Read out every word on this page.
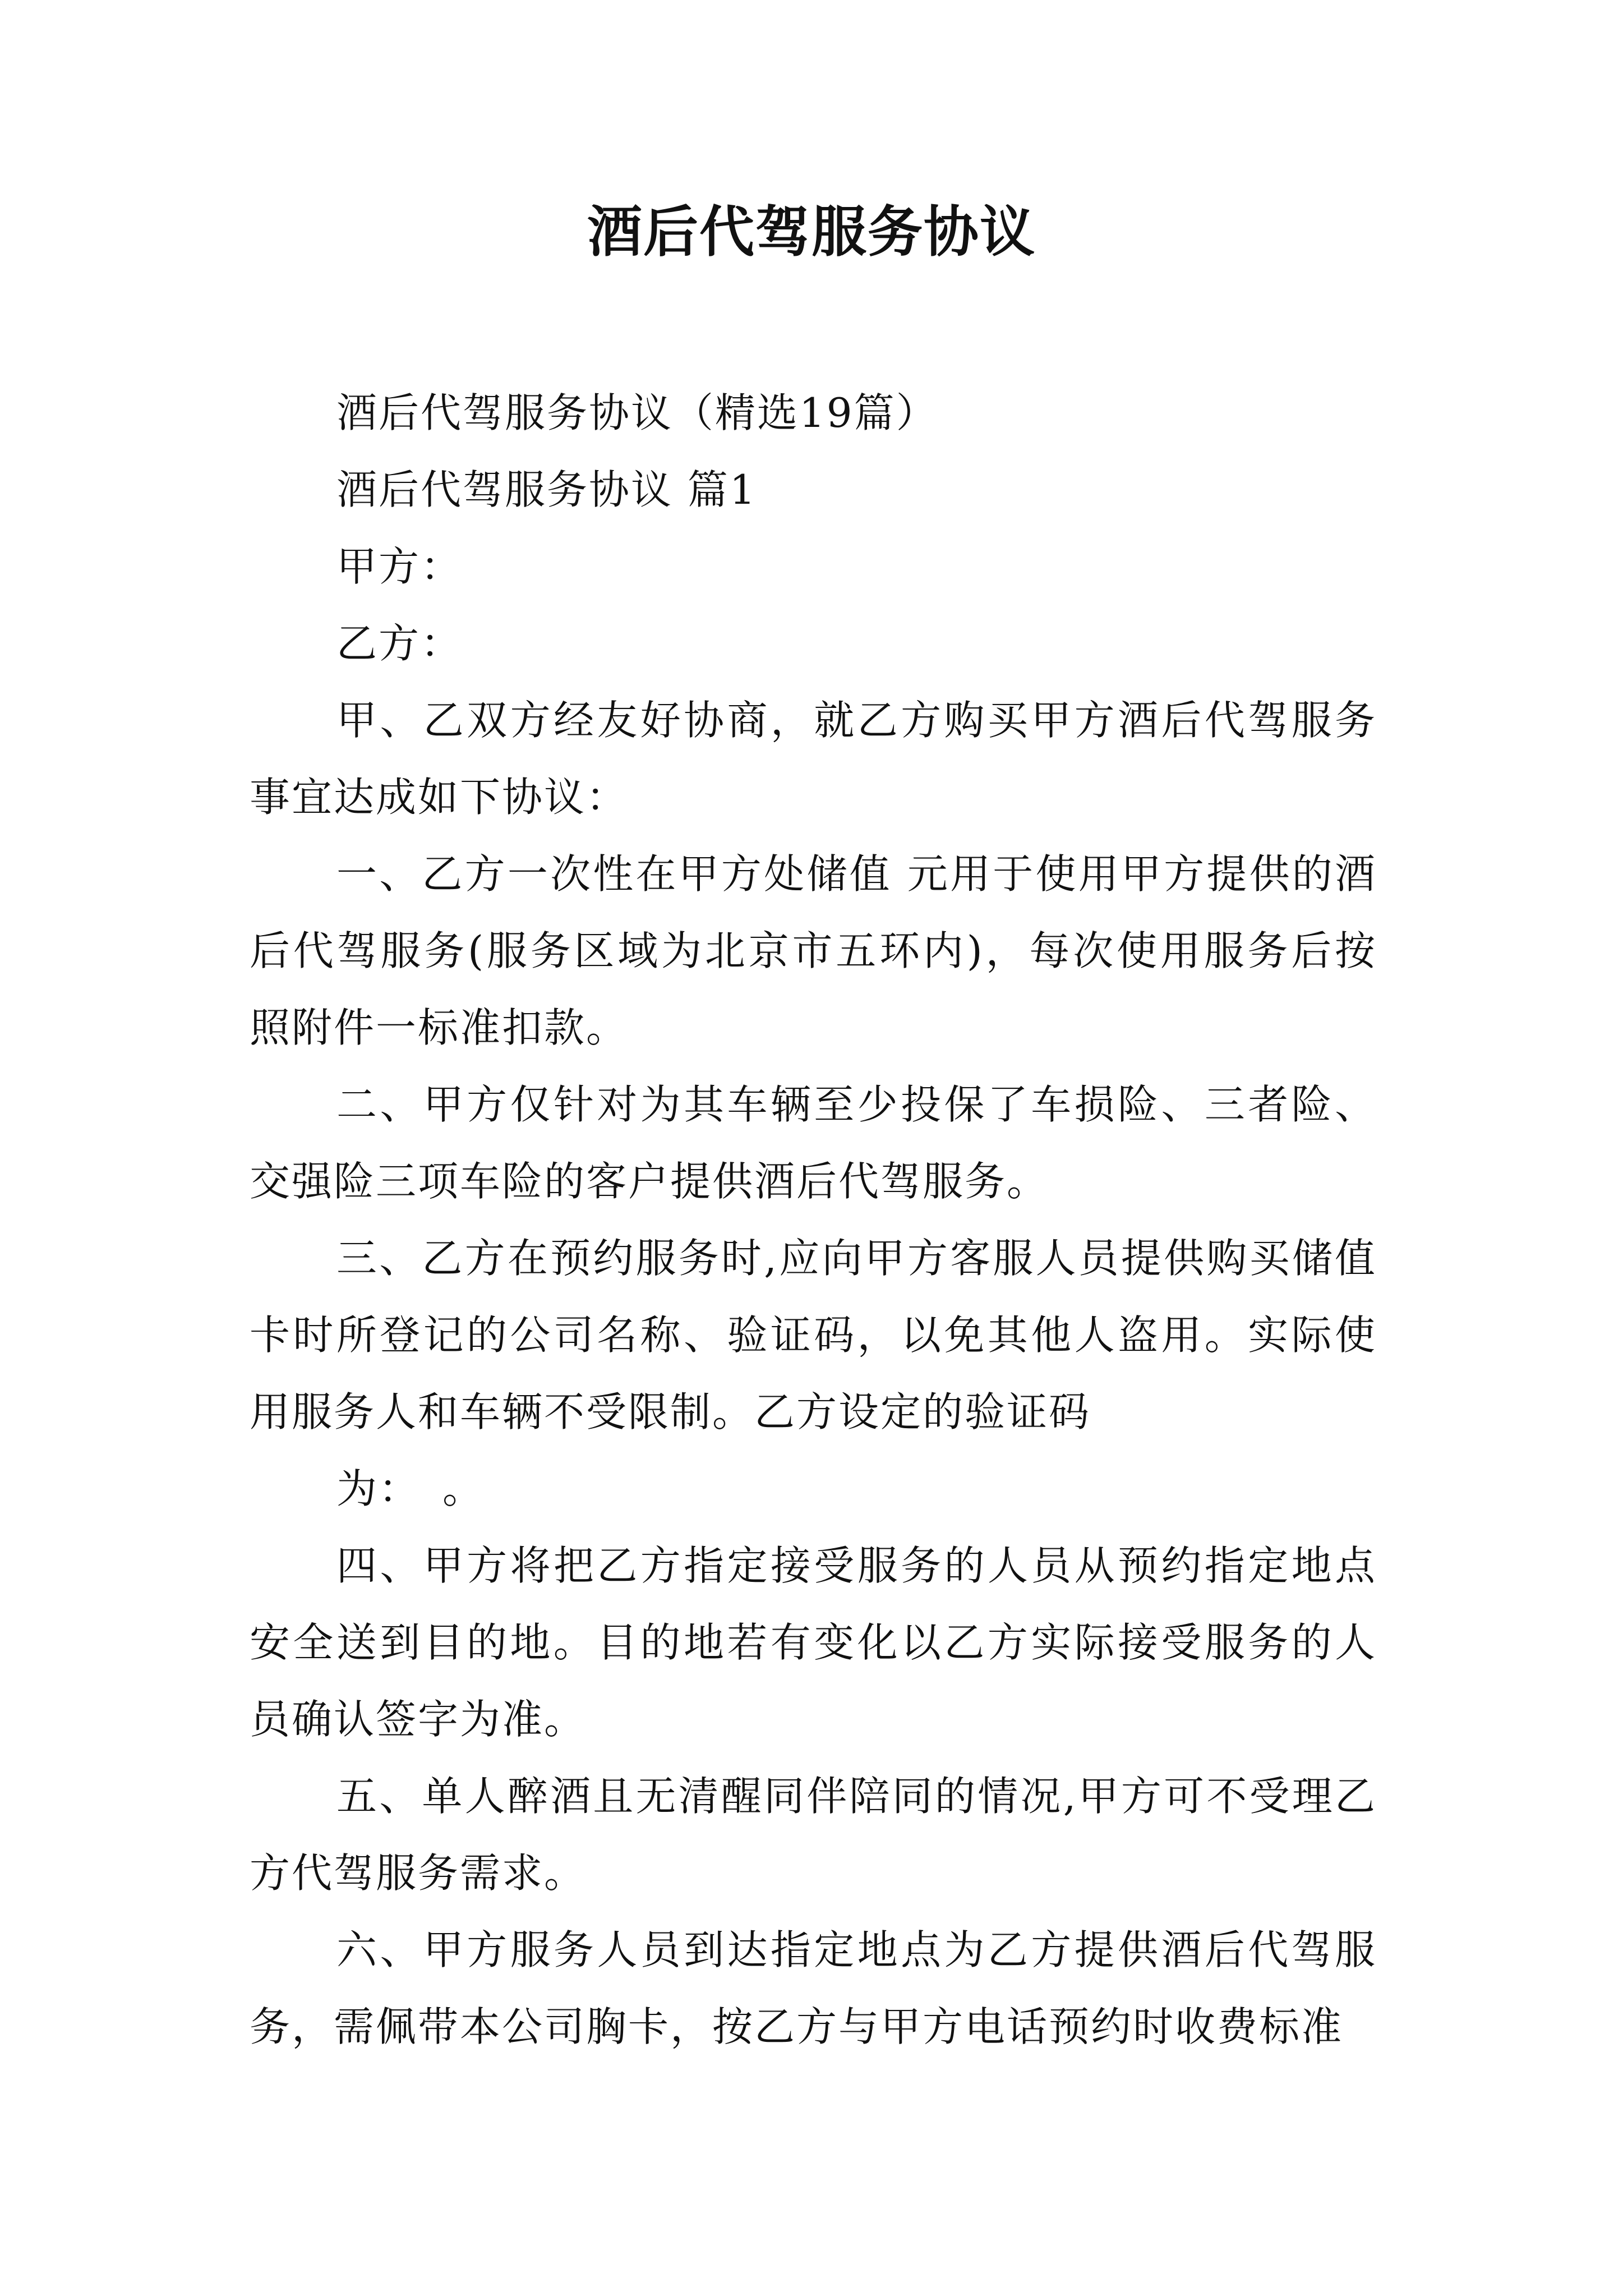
酒后代驾服务协议

酒后代驾服务协议（精选19篇）

酒后代驾服务协议 篇1

甲方：

乙方：

甲、乙双方经友好协商，就乙方购买甲方酒后代驾服务事宜达成如下协议：

一、乙方一次性在甲方处储值 元用于使用甲方提供的酒后代驾服务(服务区域为北京市五环内)，每次使用服务后按照附件一标准扣款。

二、甲方仅针对为其车辆至少投保了车损险、三者险、交强险三项车险的客户提供酒后代驾服务。

三、乙方在预约服务时,应向甲方客服人员提供购买储值卡时所登记的公司名称、验证码，以免其他人盗用。实际使用服务人和车辆不受限制。乙方设定的验证码

为：　。

四、甲方将把乙方指定接受服务的人员从预约指定地点安全送到目的地。目的地若有变化以乙方实际接受服务的人员确认签字为准。

五、单人醉酒且无清醒同伴陪同的情况,甲方可不受理乙方代驾服务需求。

六、甲方服务人员到达指定地点为乙方提供酒后代驾服务，需佩带本公司胸卡，按乙方与甲方电话预约时收费标准
